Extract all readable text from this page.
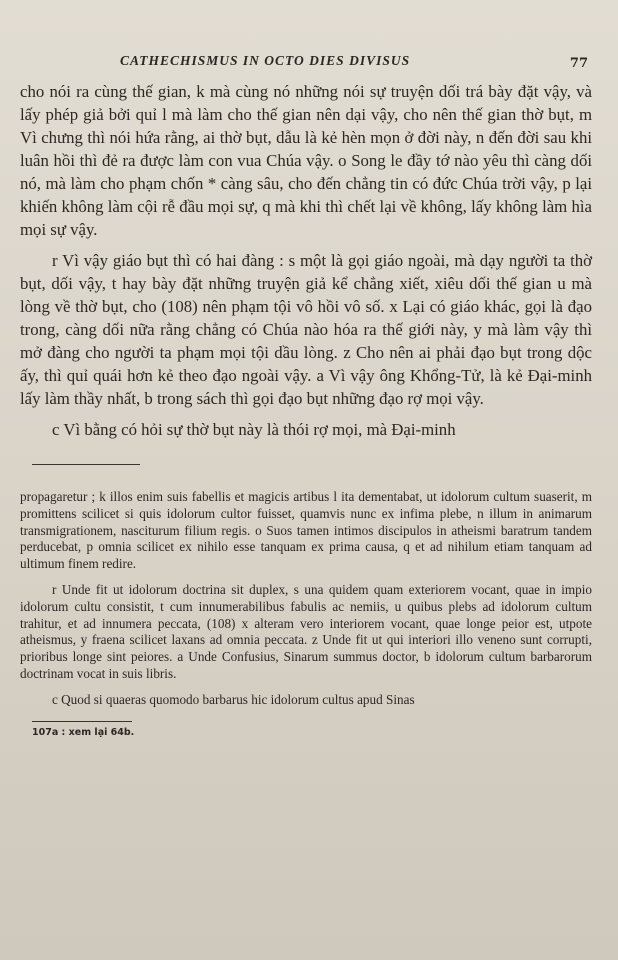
CATHECHISMUS IN OCTO DIES DIVISUS	77

cho nói ra cùng thế gian, k mà cùng nó những nói sự truyện dối trá bày đặt vậy, và lấy phép giả bởi quỉ l mà làm cho thế gian nên dại vậy, cho nên thế gian thờ bụt, m Vì chưng thì nói hứa rằng, ai thờ bụt, dẫu là kẻ hèn mọn ở đời này, n đến đời sau khi luân hồi thì đẻ ra được làm con vua Chúa vậy. o Song le đầy tớ nào yêu thì càng dối nó, mà làm cho phạm chốn * càng sâu, cho đến chẳng tin có đức Chúa trời vậy, p lại khiến không làm cội rễ đầu mọi sự, q mà khi thì chết lại về không, lấy không làm hìa mọi sự vậy.

r Vì vậy giáo bụt thì có hai đàng : s một là gọi giáo ngoài, mà dạy người ta thờ bụt, dối vậy, t hay bày đặt những truyện giả kể chẳng xiết, xiêu dối thế gian u mà lòng về thờ bụt, cho (108) nên phạm tội vô hồi vô số. x Lại có giáo khác, gọi là đạo trong, càng dối nữa rằng chẳng có Chúa nào hóa ra thế giới này, y mà làm vậy thì mở đàng cho người ta phạm mọi tội dầu lòng. z Cho nên ai phải đạo bụt trong dộc ấy, thì quỉ quái hơn kẻ theo đạo ngoài vậy. a Vì vậy ông Khổng-Tử, là kẻ Đại-minh lấy làm thầy nhất, b trong sách thì gọi đạo bụt những đạo rợ mọi vậy.

c Vì bằng có hỏi sự thờ bụt này là thói rợ mọi, mà Đại-minh

propagaretur ; k illos enim suis fabellis et magicis artibus l ita dementabat, ut idolorum cultum suaserit, m promittens scilicet si quis idolorum cultor fuisset, quamvis nunc ex infima plebe, n illum in animarum transmigrationem, nasciturum filium regis. o Suos tamen intimos discipulos in atheismi baratrum tandem perducebat, p omnia scilicet ex nihilo esse tanquam ex prima causa, q et ad nihilum etiam tanquam ad ultimum finem redire.

r Unde fit ut idolorum doctrina sit duplex, s una quidem quam exteriorem vocant, quae in impio idolorum cultu consistit, t cum innumerabilibus fabulis ac nemiis, u quibus plebs ad idolorum cultum trahitur, et ad innumera peccata, (108) x alteram vero interiorem vocant, quae longe peior est, utpote atheismus, y fraena scilicet laxans ad omnia peccata. z Unde fit ut qui interiori illo veneno sunt corrupti, prioribus longe sint peiores. a Unde Confusius, Sinarum summus doctor, b idolorum cultum barbarorum doctrinam vocat in suis libris.

c Quod si quaeras quomodo barbarus hic idolorum cultus apud Sinas

107a : xem lại 64b.
